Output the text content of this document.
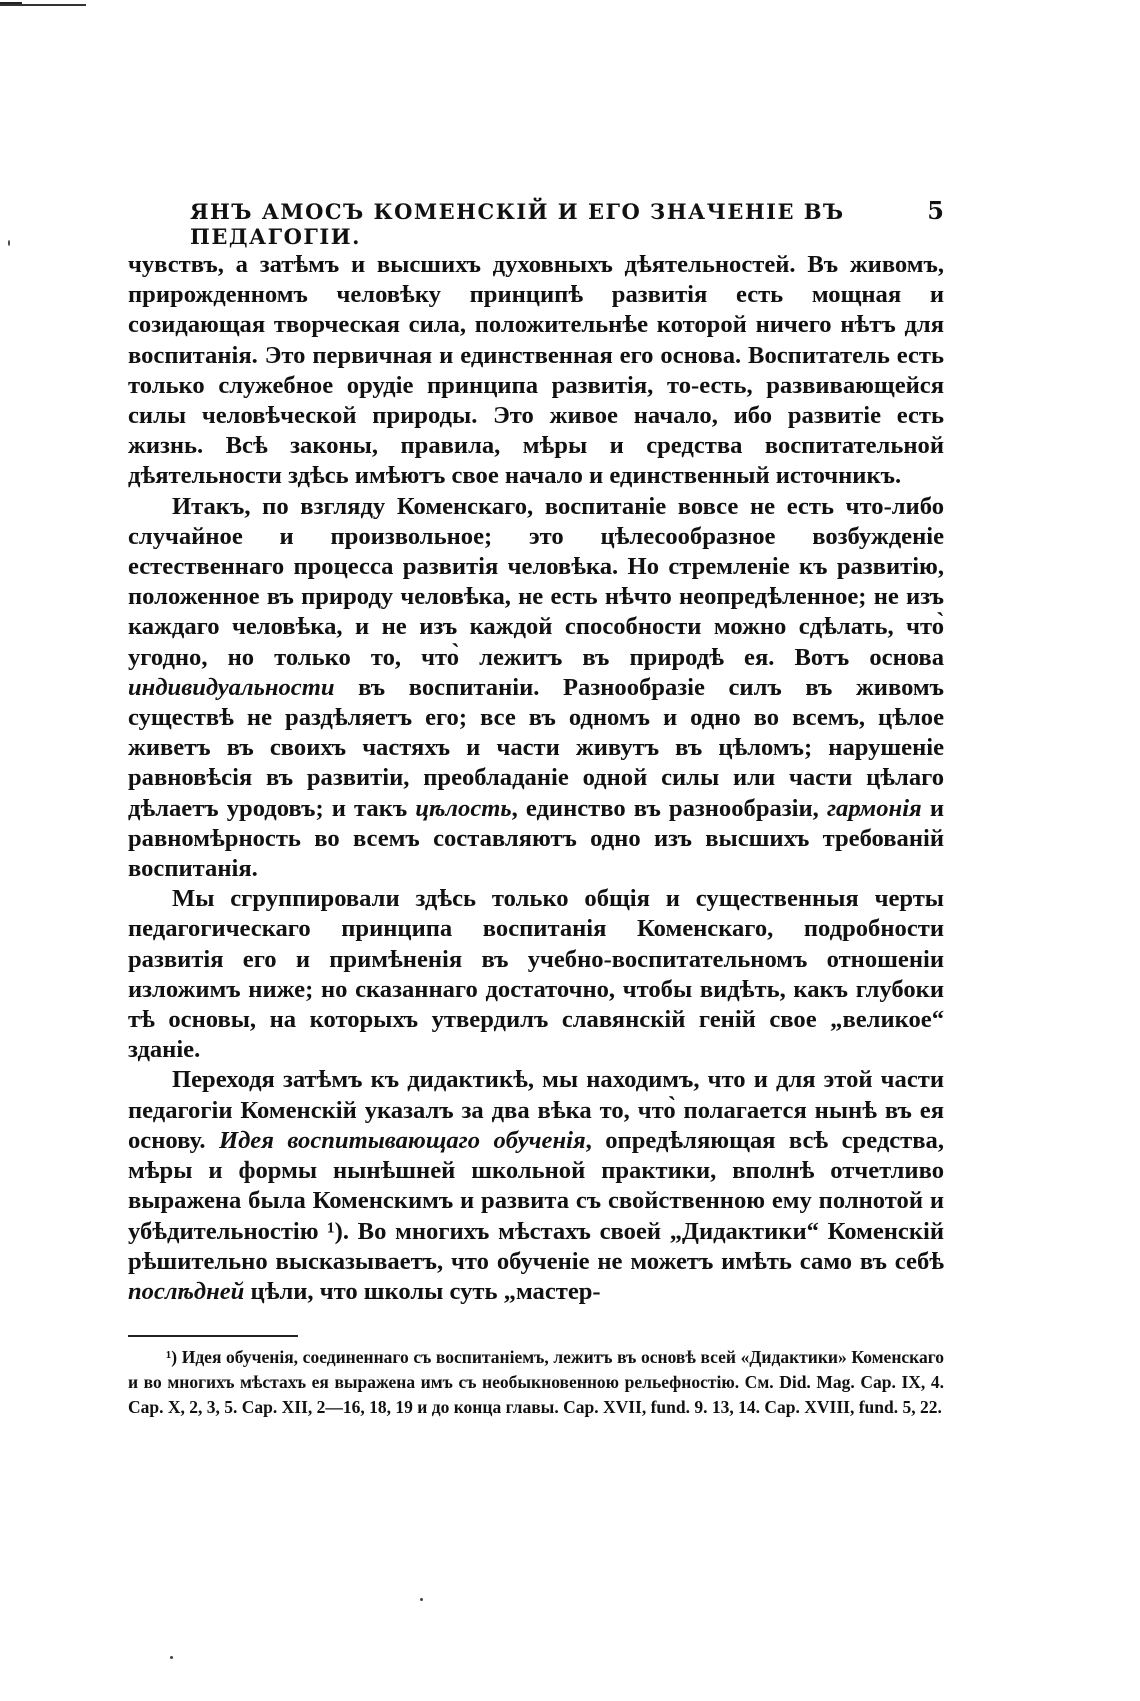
ЯНЪ АМОСЪ КОМЕНСКІЙ И ЕГО ЗНАЧЕНІЕ ВЪ ПЕДАГОГІИ.
5

чувствъ, а затѣмъ и высшихъ духовныхъ дѣятельностей. Въ живомъ, прирожденномъ человѣку принципѣ развитія есть мощная и созидающая творческая сила, положительнѣе которой ничего нѣтъ для воспитанія. Это первичная и единственная его основа. Воспитатель есть только служебное орудіе принципа развитія, то-есть, развивающейся силы человѣческой природы. Это живое начало, ибо развитіе есть жизнь. Всѣ законы, правила, мѣры и средства воспитательной дѣятельности здѣсь имѣютъ свое начало и единственный источникъ.

Итакъ, по взгляду Коменскаго, воспитаніе вовсе не есть что-либо случайное и произвольное; это цѣлесообразное возбужденіе естественнаго процесса развитія человѣка. Но стремленіе къ развитію, положенное въ природу человѣка, не есть нѣчто неопредѣленное; не изъ каждаго человѣка, и не изъ каждой способности можно сдѣлать, что̀ угодно, но только то, что̀ лежитъ въ природѣ ея. Вотъ основа индивидуальности въ воспитаніи. Разнообразіе силъ въ живомъ существѣ не раздѣляетъ его; все въ одномъ и одно во всемъ, цѣлое живетъ въ своихъ частяхъ и части живутъ въ цѣломъ; нарушеніе равновѣсія въ развитіи, преобладаніе одной силы или части цѣлаго дѣлаетъ уродовъ; и такъ цѣлость, единство въ разнообразіи, гармонія и равномѣрность во всемъ составляютъ одно изъ высшихъ требованій воспитанія.

Мы сгруппировали здѣсь только общія и существенныя черты педагогическаго принципа воспитанія Коменскаго, подробности развитія его и примѣненія въ учебно-воспитательномъ отношеніи изложимъ ниже; но сказаннаго достаточно, чтобы видѣть, какъ глубоки тѣ основы, на которыхъ утвердилъ славянскій геній свое „великое“ зданіе.

Переходя затѣмъ къ дидактикѣ, мы находимъ, что и для этой части педагогіи Коменскій указалъ за два вѣка то, что̀ полагается нынѣ въ ея основу. Идея воспитывающаго обученія, опредѣляющая всѣ средства, мѣры и формы нынѣшней школьной практики, вполнѣ отчетливо выражена была Коменскимъ и развита съ свойственною ему полнотой и убѣдительностію ¹). Во многихъ мѣстахъ своей „Дидактики“ Коменскій рѣшительно высказываетъ, что обученіе не можетъ имѣть само въ себѣ послѣдней цѣли, что школы суть „мастер-

¹) Идея обученія, соединеннаго съ воспитаніемъ, лежитъ въ основѣ всей «Дидактики» Коменскаго и во многихъ мѣстахъ ея выражена имъ съ необыкновенною рельефностію. См. Did. Mag. Cap. IX, 4. Cap. X, 2, 3, 5. Cap. XII, 2—16, 18, 19 и до конца главы. Cap. XVII, fund. 9. 13, 14. Cap. XVIII, fund. 5, 22.
